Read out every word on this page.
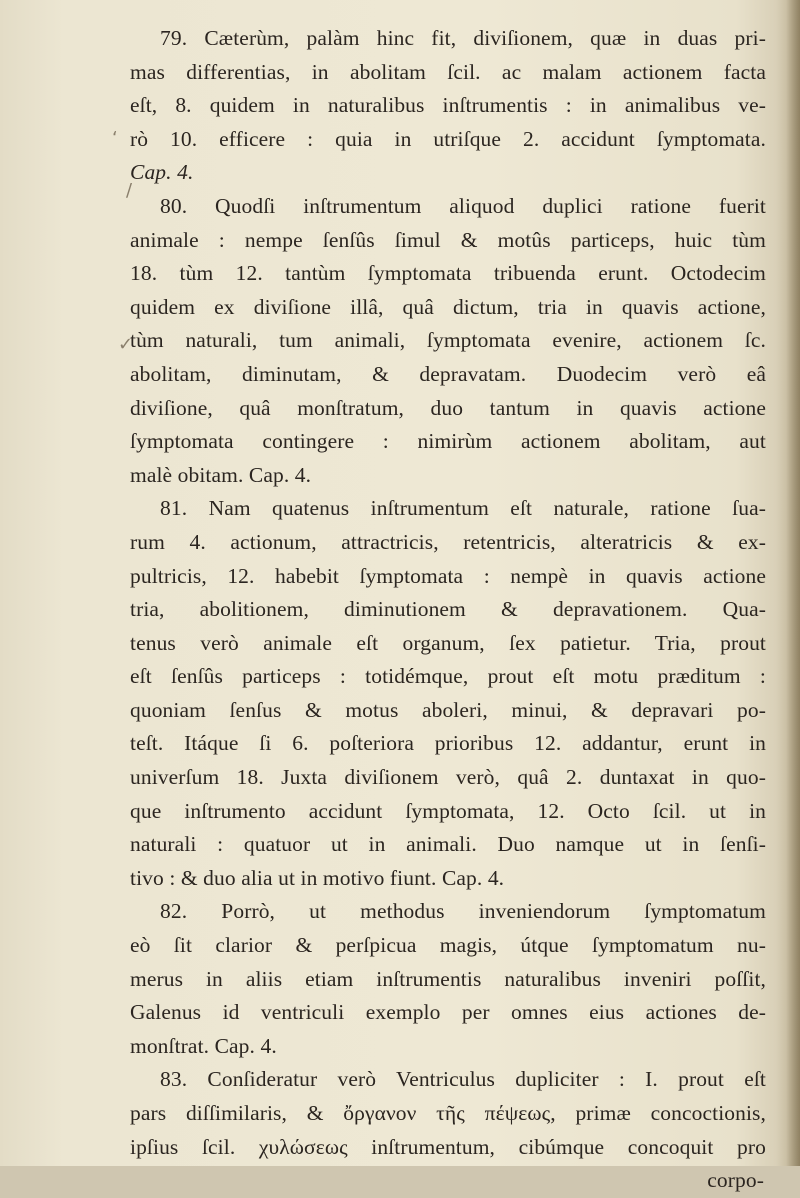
‘
/
✓
79. Cæterùm, palàm hinc fit, diviſionem, quæ in duas pri-
mas differentias, in abolitam ſcil. ac malam actionem facta
eſt, 8. quidem in naturalibus inſtrumentis : in animalibus ve-
rò 10. efficere : quia in utriſque 2. accidunt ſymptomata.
Cap. 4.
80. Quodſi inſtrumentum aliquod duplici ratione fuerit
animale : nempe ſenſûs ſimul & motûs particeps, huic tùm
18. tùm 12. tantùm ſymptomata tribuenda erunt. Octodecim
quidem ex diviſione illâ, quâ dictum, tria in quavis actione,
tùm naturali, tum animali, ſymptomata evenire, actionem ſc.
abolitam, diminutam, & depravatam. Duodecim verò eâ
diviſione, quâ monſtratum, duo tantum in quavis actione
ſymptomata contingere : nimirùm actionem abolitam, aut
malè obitam. Cap. 4.
81. Nam quatenus inſtrumentum eſt naturale, ratione ſua-
rum 4. actionum, attractricis, retentricis, alteratricis & ex-
pultricis, 12. habebit ſymptomata : nempè in quavis actione
tria, abolitionem, diminutionem & depravationem. Qua-
tenus verò animale eſt organum, ſex patietur. Tria, prout
eſt ſenſûs particeps : totidémque, prout eſt motu præditum :
quoniam ſenſus & motus aboleri, minui, & depravari po-
teſt. Itáque ſi 6. poſteriora prioribus 12. addantur, erunt in
univerſum 18. Juxta diviſionem verò, quâ 2. duntaxat in quo-
que inſtrumento accidunt ſymptomata, 12. Octo ſcil. ut in
naturali : quatuor ut in animali. Duo namque ut in ſenſi-
tivo : & duo alia ut in motivo fiunt. Cap. 4.
82. Porrò, ut methodus inveniendorum ſymptomatum
eò ſit clarior & perſpicua magis, útque ſymptomatum nu-
merus in aliis etiam inſtrumentis naturalibus inveniri poſſit,
Galenus id ventriculi exemplo per omnes eius actiones de-
monſtrat. Cap. 4.
83. Conſideratur verò Ventriculus dupliciter : I. prout eſt
pars diſſimilaris, & ὄργανον τῆς πέψεως, primæ concoctionis,
ipſius ſcil. χυλώσεως inſtrumentum, cibúmque concoquit pro
corpo-
